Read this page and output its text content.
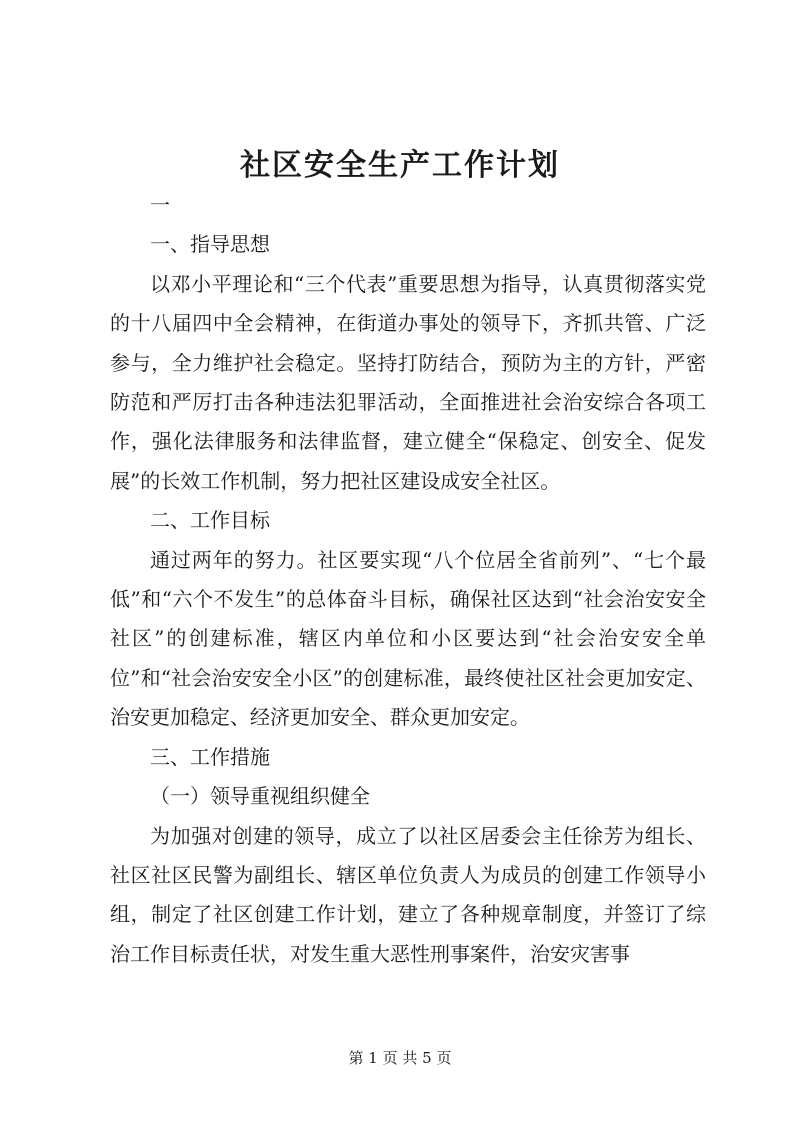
社区安全生产工作计划

一

一、指导思想

以邓小平理论和“三个代表”重要思想为指导，认真贯彻落实党的十八届四中全会精神，在街道办事处的领导下，齐抓共管、广泛参与，全力维护社会稳定。坚持打防结合，预防为主的方针，严密防范和严厉打击各种违法犯罪活动，全面推进社会治安综合各项工作，强化法律服务和法律监督，建立健全“保稳定、创安全、促发展”的长效工作机制，努力把社区建设成安全社区。

二、工作目标

通过两年的努力。社区要实现“八个位居全省前列”、“七个最低”和“六个不发生”的总体奋斗目标，确保社区达到“社会治安安全社区”的创建标准，辖区内单位和小区要达到“社会治安安全单位”和“社会治安安全小区”的创建标准，最终使社区社会更加安定、治安更加稳定、经济更加安全、群众更加安定。

三、工作措施

（一）领导重视组织健全

为加强对创建的领导，成立了以社区居委会主任徐芳为组长、社区社区民警为副组长、辖区单位负责人为成员的创建工作领导小组，制定了社区创建工作计划，建立了各种规章制度，并签订了综治工作目标责任状，对发生重大恶性刑事案件，治安灾害事

第 1 页 共 5 页
